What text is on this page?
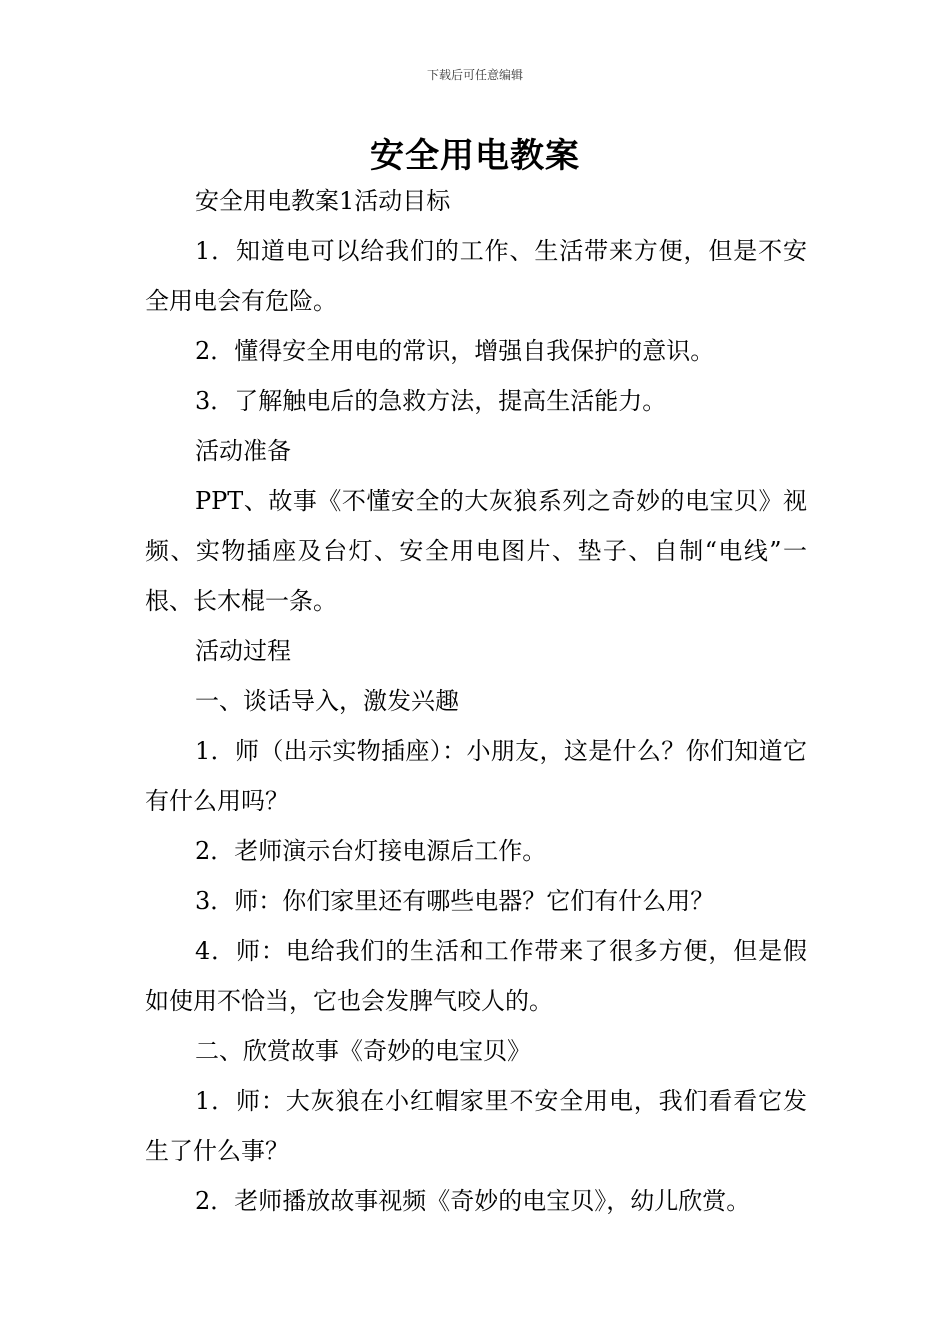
下载后可任意编辑
安全用电教案

安全用电教案1活动目标

1．知道电可以给我们的工作、生活带来方便，但是不安全用电会有危险。

2．懂得安全用电的常识，增强自我保护的意识。

3．了解触电后的急救方法，提高生活能力。

活动准备

PPT、故事《不懂安全的大灰狼系列之奇妙的电宝贝》视频、实物插座及台灯、安全用电图片、垫子、自制“电线”一根、长木棍一条。

活动过程

一、谈话导入，激发兴趣

1．师（出示实物插座）：小朋友，这是什么？你们知道它有什么用吗？

2．老师演示台灯接电源后工作。

3．师：你们家里还有哪些电器？它们有什么用？

4．师：电给我们的生活和工作带来了很多方便，但是假如使用不恰当，它也会发脾气咬人的。

二、欣赏故事《奇妙的电宝贝》

1．师：大灰狼在小红帽家里不安全用电，我们看看它发生了什么事？

2．老师播放故事视频《奇妙的电宝贝》，幼儿欣赏。
